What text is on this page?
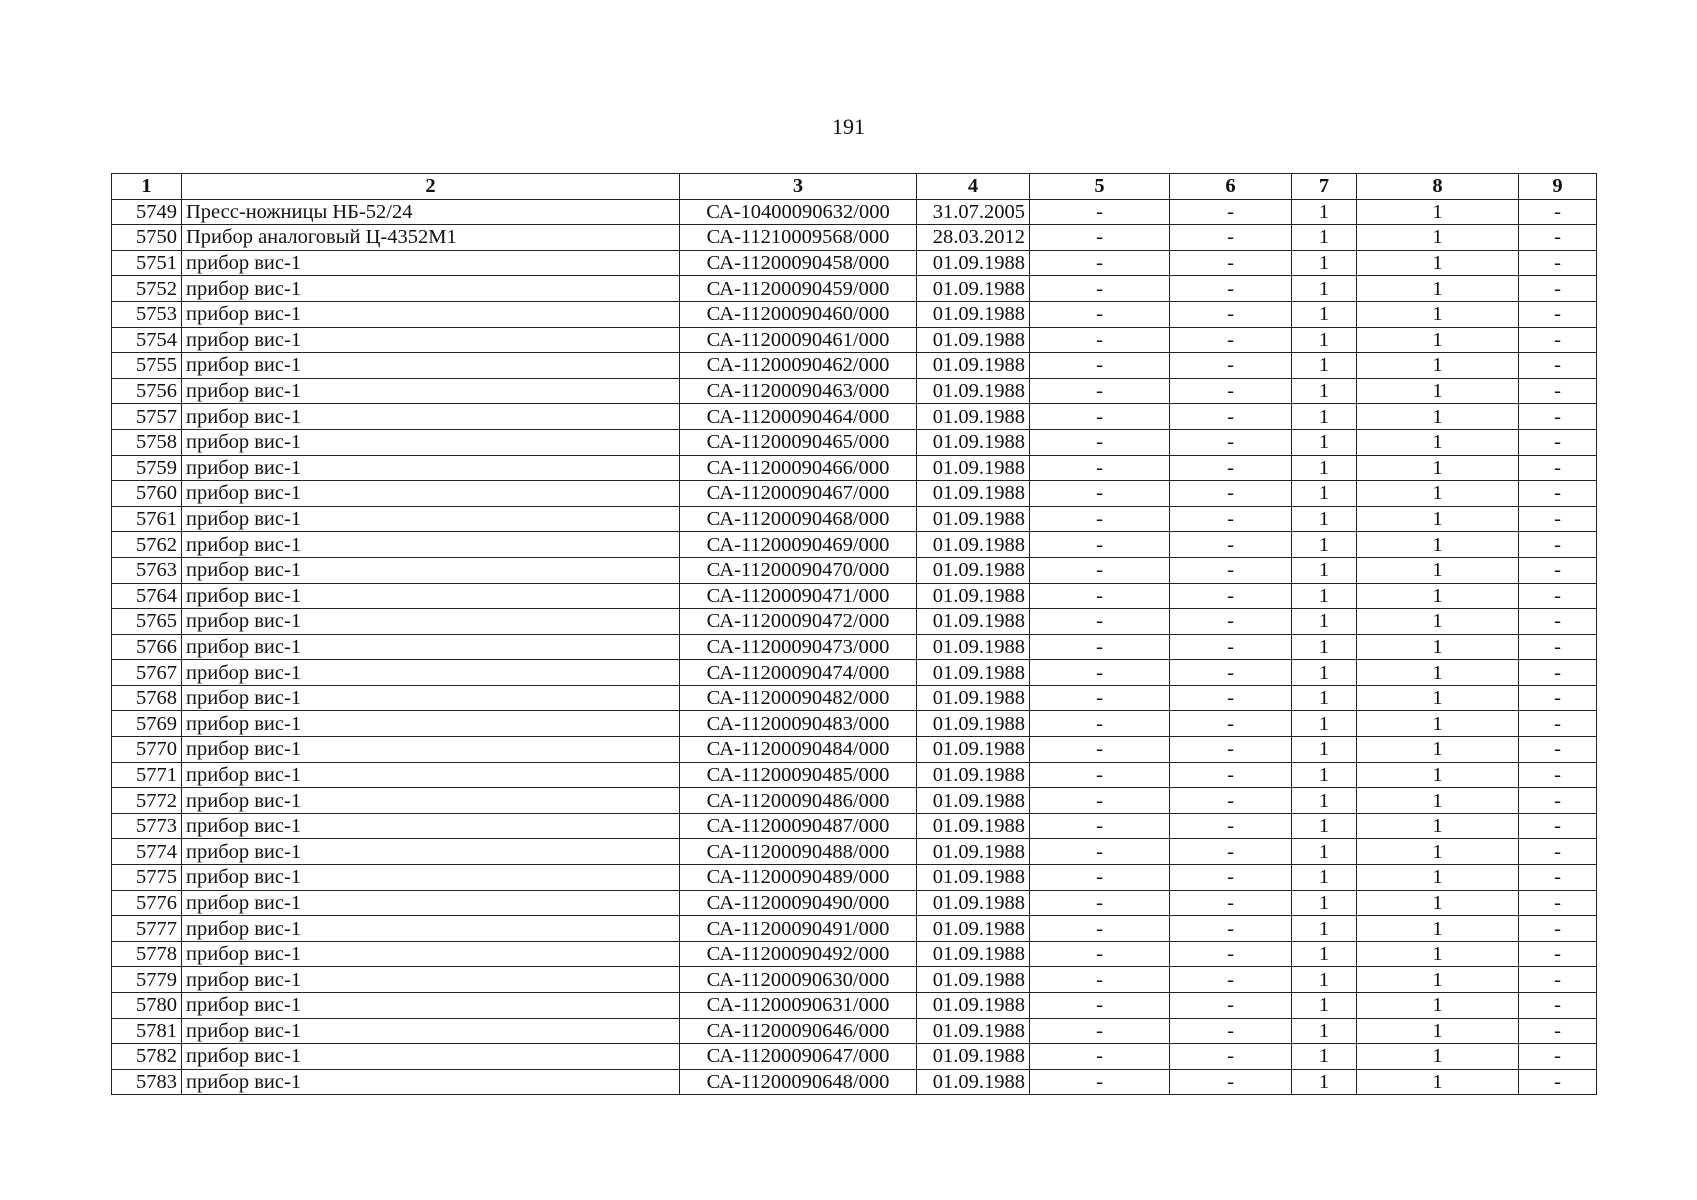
191
1	2	3	4	5	6	7	8	9
5749	Пресс-ножницы НБ-52/24	СА-10400090632/000	31.07.2005	-	-	1	1	-
5750	Прибор аналоговый Ц-4352М1	СА-11210009568/000	28.03.2012	-	-	1	1	-
5751	прибор вис-1	СА-11200090458/000	01.09.1988	-	-	1	1	-
5752	прибор вис-1	СА-11200090459/000	01.09.1988	-	-	1	1	-
5753	прибор вис-1	СА-11200090460/000	01.09.1988	-	-	1	1	-
5754	прибор вис-1	СА-11200090461/000	01.09.1988	-	-	1	1	-
5755	прибор вис-1	СА-11200090462/000	01.09.1988	-	-	1	1	-
5756	прибор вис-1	СА-11200090463/000	01.09.1988	-	-	1	1	-
5757	прибор вис-1	СА-11200090464/000	01.09.1988	-	-	1	1	-
5758	прибор вис-1	СА-11200090465/000	01.09.1988	-	-	1	1	-
5759	прибор вис-1	СА-11200090466/000	01.09.1988	-	-	1	1	-
5760	прибор вис-1	СА-11200090467/000	01.09.1988	-	-	1	1	-
5761	прибор вис-1	СА-11200090468/000	01.09.1988	-	-	1	1	-
5762	прибор вис-1	СА-11200090469/000	01.09.1988	-	-	1	1	-
5763	прибор вис-1	СА-11200090470/000	01.09.1988	-	-	1	1	-
5764	прибор вис-1	СА-11200090471/000	01.09.1988	-	-	1	1	-
5765	прибор вис-1	СА-11200090472/000	01.09.1988	-	-	1	1	-
5766	прибор вис-1	СА-11200090473/000	01.09.1988	-	-	1	1	-
5767	прибор вис-1	СА-11200090474/000	01.09.1988	-	-	1	1	-
5768	прибор вис-1	СА-11200090482/000	01.09.1988	-	-	1	1	-
5769	прибор вис-1	СА-11200090483/000	01.09.1988	-	-	1	1	-
5770	прибор вис-1	СА-11200090484/000	01.09.1988	-	-	1	1	-
5771	прибор вис-1	СА-11200090485/000	01.09.1988	-	-	1	1	-
5772	прибор вис-1	СА-11200090486/000	01.09.1988	-	-	1	1	-
5773	прибор вис-1	СА-11200090487/000	01.09.1988	-	-	1	1	-
5774	прибор вис-1	СА-11200090488/000	01.09.1988	-	-	1	1	-
5775	прибор вис-1	СА-11200090489/000	01.09.1988	-	-	1	1	-
5776	прибор вис-1	СА-11200090490/000	01.09.1988	-	-	1	1	-
5777	прибор вис-1	СА-11200090491/000	01.09.1988	-	-	1	1	-
5778	прибор вис-1	СА-11200090492/000	01.09.1988	-	-	1	1	-
5779	прибор вис-1	СА-11200090630/000	01.09.1988	-	-	1	1	-
5780	прибор вис-1	СА-11200090631/000	01.09.1988	-	-	1	1	-
5781	прибор вис-1	СА-11200090646/000	01.09.1988	-	-	1	1	-
5782	прибор вис-1	СА-11200090647/000	01.09.1988	-	-	1	1	-
5783	прибор вис-1	СА-11200090648/000	01.09.1988	-	-	1	1	-
